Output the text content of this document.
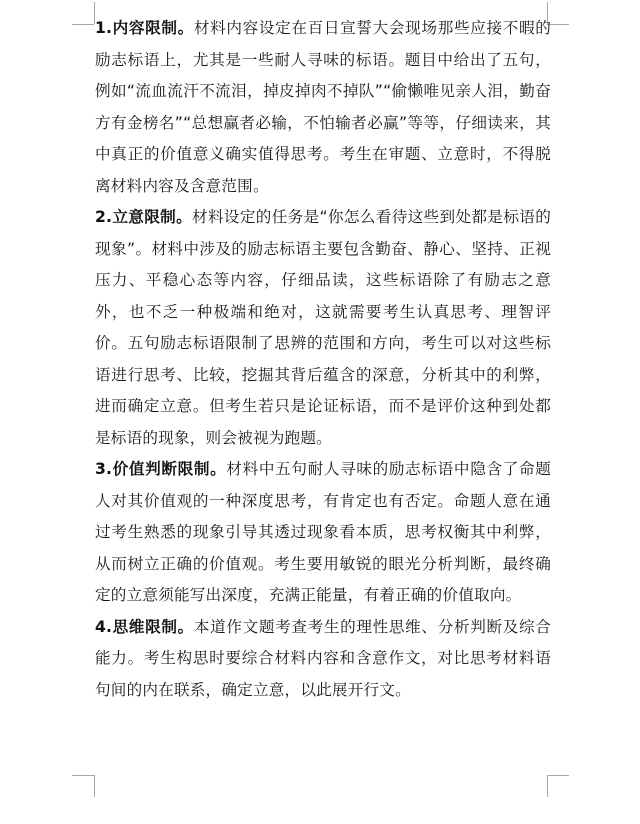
1.内容限制。材料内容设定在百日宣誓大会现场那些应接不暇的励志标语上，尤其是一些耐人寻味的标语。题目中给出了五句，例如“流血流汗不流泪，掉皮掉肉不掉队”“偷懒唯见亲人泪，勤奋方有金榜名”“总想赢者必输，不怕输者必赢”等等，仔细读来，其中真正的价值意义确实值得思考。考生在审题、立意时，不得脱离材料内容及含意范围。

2.立意限制。材料设定的任务是“你怎么看待这些到处都是标语的现象”。材料中涉及的励志标语主要包含勤奋、静心、坚持、正视压力、平稳心态等内容，仔细品读，这些标语除了有励志之意外，也不乏一种极端和绝对，这就需要考生认真思考、理智评价。五句励志标语限制了思辨的范围和方向，考生可以对这些标语进行思考、比较，挖掘其背后蕴含的深意，分析其中的利弊，进而确定立意。但考生若只是论证标语，而不是评价这种到处都是标语的现象，则会被视为跑题。

3.价值判断限制。材料中五句耐人寻味的励志标语中隐含了命题人对其价值观的一种深度思考，有肯定也有否定。命题人意在通过考生熟悉的现象引导其透过现象看本质，思考权衡其中利弊，从而树立正确的价值观。考生要用敏锐的眼光分析判断，最终确定的立意须能写出深度，充满正能量，有着正确的价值取向。

4.思维限制。本道作文题考查考生的理性思维、分析判断及综合能力。考生构思时要综合材料内容和含意作文，对比思考材料语句间的内在联系，确定立意，以此展开行文。
